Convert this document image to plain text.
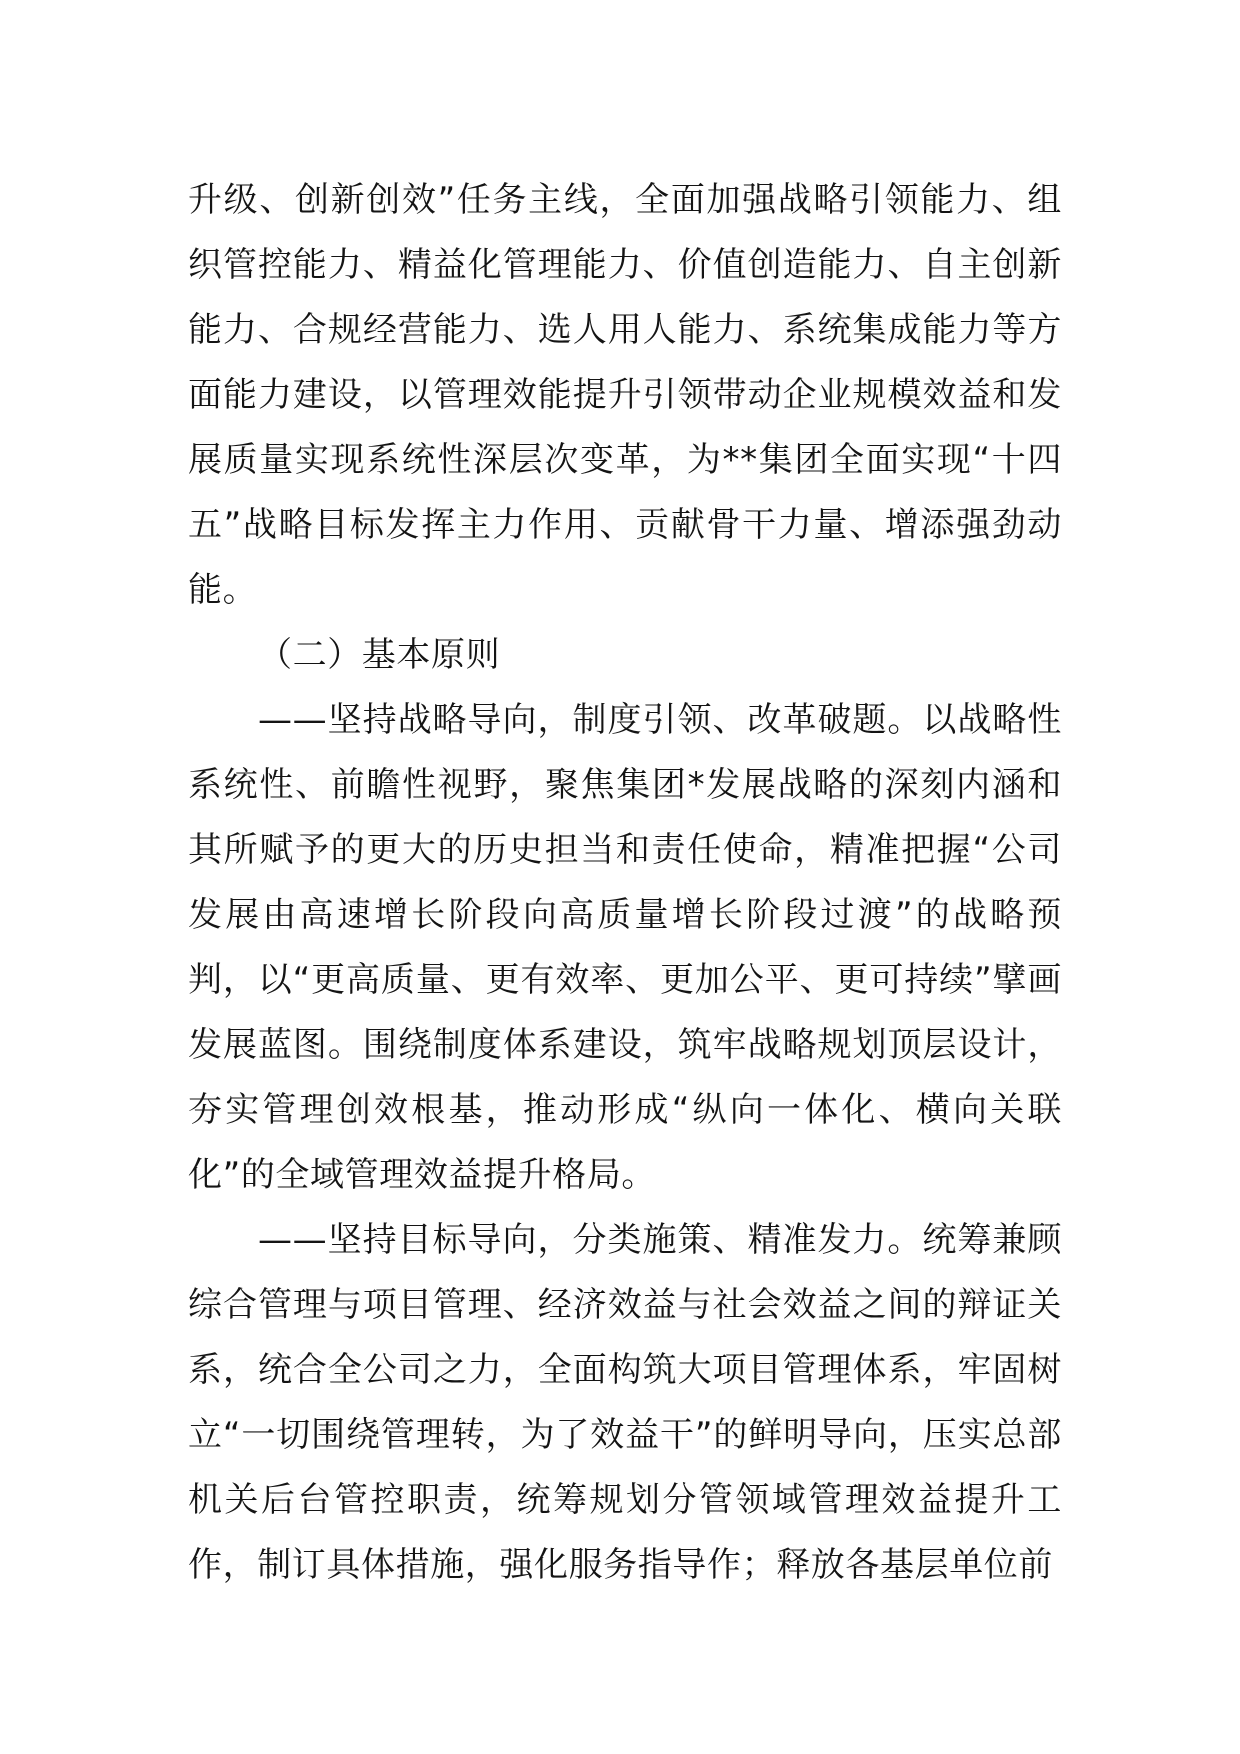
升级、创新创效”任务主线，全面加强战略引领能力、组织管控能力、精益化管理能力、价值创造能力、自主创新能力、合规经营能力、选人用人能力、系统集成能力等方面能力建设，以管理效能提升引领带动企业规模效益和发展质量实现系统性深层次变革，为**集团全面实现“十四五”战略目标发挥主力作用、贡献骨干力量、增添强劲动能。

（二）基本原则

——坚持战略导向，制度引领、改革破题。以战略性系统性、前瞻性视野，聚焦集团*发展战略的深刻内涵和其所赋予的更大的历史担当和责任使命，精准把握“公司发展由高速增长阶段向高质量增长阶段过渡”的战略预判，以“更高质量、更有效率、更加公平、更可持续”擘画发展蓝图。围绕制度体系建设，筑牢战略规划顶层设计，夯实管理创效根基，推动形成“纵向一体化、横向关联化”的全域管理效益提升格局。

——坚持目标导向，分类施策、精准发力。统筹兼顾综合管理与项目管理、经济效益与社会效益之间的辩证关系，统合全公司之力，全面构筑大项目管理体系，牢固树立“一切围绕管理转，为了效益干”的鲜明导向，压实总部机关后台管控职责，统筹规划分管领域管理效益提升工作，制订具体措施，强化服务指导作；释放各基层单位前
